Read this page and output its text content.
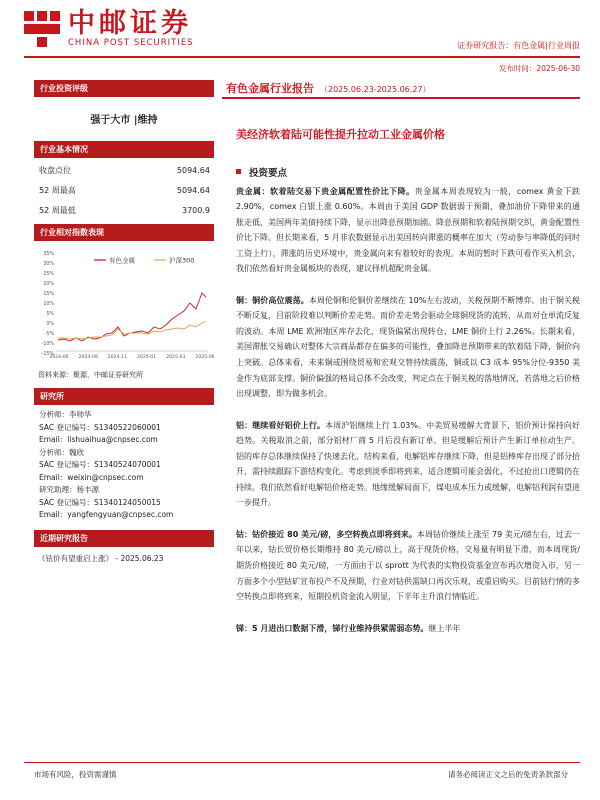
中邮证券
CHINA POST SECURITIES	证券研究报告：有色金属|行业周报
发布时间：2025-06-30
行业投资评级
强于大市 |维持
行业基本情况
收盘点位	5094.64
52 周最高	5094.64
52 周最低	3700.9
行业相对指数表现
35%
30%
25%
20%
15%
10%
5%
0%
-5%
-10%
-15%
2024-06 2024-09 2024-11 2025-01 2025-03 2025-06
有色金属	沪深300
资料来源：聚源，中邮证券研究所
研究所
分析师：李帅华
SAC 登记编号：S1340522060001
Email：lishuaihua@cnpsec.com
分析师：魏欣
SAC 登记编号：S1340524070001
Email：weixin@cnpsec.com
研究助理：杨丰源
SAC 登记编号：S1340124050015
Email：yangfengyuan@cnpsec.com
近期研究报告
《钴价有望重启上涨》 - 2025.06.23
有色金属行业报告 （2025.06.23-2025.06.27）
美经济软着陆可能性提升拉动工业金属价格
投资要点
贵金属：软着陆交易下贵金属配置性价比下降。贵金属本周表现较为一般，comex 黄金下跌 2.90%，comex 白银上涨 0.60%。本周由于美国 GDP 数据弱于预期，叠加油价下降带来的通胀走低，美国两年美债持续下降，显示出降息预期加剧。降息预期和软着陆预期交织，黄金配置性价比下降。但长期来看，5 月非农数据显示出美国转向滞涨的概率在加大（劳动参与率降低的同时工资上行），滞涨的历史环境中，贵金属向来有着较好的表现。本周的暂时下跌可看作买入机会，我们依然看好贵金属板块的表现，建议择机超配贵金属。
铜：铜价高位震荡。本周伦铜和伦铜价差继续在 10%左右波动，关税预期不断博弈。由于铜关税不断反复，目前阶段难以判断价差走势。而价差走势会驱动全球铜现货的流转，从而对仓单流反复的波动。本周 LME 欧洲地区库存去化，现货偏紧出现转仓，LME 铜价上行 2.26%。长期来看，美国滞胀交易确认对整体大宗商品都存在偏多的可能性，叠加降息预期带来的软着陆下降，铜价向上突破。总体来看，未来铜或围绕贸易和宏观交替持续震荡，铜或以 C3 成本 95%分位-9350 美金作为底部支撑。铜价偏强的格局总体不会改变，判定点在于铜关税的落地情况，若落地之后价格出现调整，即为做多机会。
铝：继续看好铝价上行。本周沪铝继续上行 1.03%。中美贸易缓解大背景下，铝价预计保持向好趋势。关税取消之前，部分铝材厂商 5 月后没有新订单，但是缓解后预计产生新订单拉动生产。铝的库存总体继续保持了快速去化，结构来看，电解铝库存继续下降，但是铝棒库存出现了部分抬升，需持续跟踪下游结构变化。考虑到淡季即将到来，适合逻辑可能会弱化，不过抢出口逻辑仍在持续。我们依然看好电解铝价格走势。地缘缓解局面下，煤电成本压力或缓解，电解铝利润有望进一步提升。
钴：钴价接近 80 美元/磅，多空转换点即将到来。本周钴价继续上涨至 79 美元/磅左右，过去一年以来，钴长贸价格长期维持 80 美元/磅以上，高于现货价格，交易量有明显下滑，而本周现货/期货价格接近 80 美元/磅，一方面由于以 sprott 为代表的实物投资基金宣布再次增资入市，另一方面多个小型钴矿宣布投产不及预期，行业对钴供需缺口再次乐观，或重启购买。目前钴行情的多空转换点即将到来，短期投机资金流入明显，下半年主升浪行情临近。
锑：5 月进出口数据下滑，锑行业维持供紧需弱态势。继上半年
市场有风险，投资需谨慎	请务必阅读正文之后的免责条款部分
